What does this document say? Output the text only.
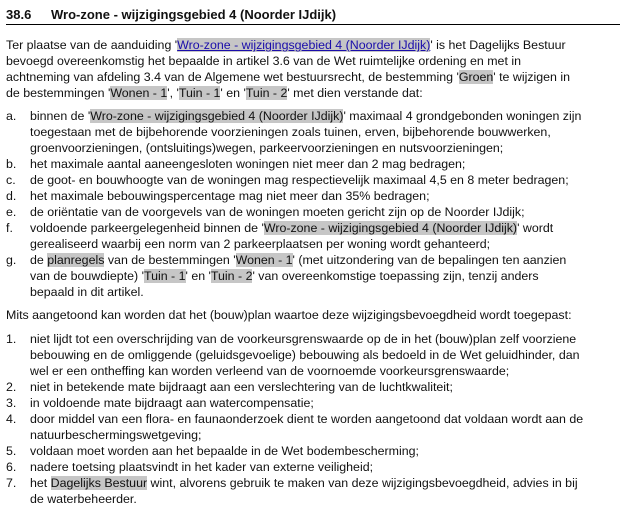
38.6 Wro-zone - wijzigingsgebied 4 (Noorder IJdijk)
Ter plaatse van de aanduiding 'Wro-zone - wijzigingsgebied 4 (Noorder IJdijk)' is het Dagelijks Bestuur
bevoegd overeenkomstig het bepaalde in artikel 3.6 van de Wet ruimtelijke ordening en met in
achtneming van afdeling 3.4 van de Algemene wet bestuursrecht, de bestemming 'Groen' te wijzigen in
de bestemmingen 'Wonen - 1', 'Tuin - 1' en 'Tuin - 2' met dien verstande dat:
a. binnen de 'Wro-zone - wijzigingsgebied 4 (Noorder IJdijk)' maximaal 4 grondgebonden woningen zijn
toegestaan met de bijbehorende voorzieningen zoals tuinen, erven, bijbehorende bouwwerken,
groenvoorzieningen, (ontsluitings)wegen, parkeervoorzieningen en nutsvoorzieningen;
b. het maximale aantal aaneengesloten woningen niet meer dan 2 mag bedragen;
c. de goot- en bouwhoogte van de woningen mag respectievelijk maximaal 4,5 en 8 meter bedragen;
d. het maximale bebouwingspercentage mag niet meer dan 35% bedragen;
e. de oriëntatie van de voorgevels van de woningen moeten gericht zijn op de Noorder IJdijk;
f. voldoende parkeergelegenheid binnen de 'Wro-zone - wijzigingsgebied 4 (Noorder IJdijk)' wordt
gerealiseerd waarbij een norm van 2 parkeerplaatsen per woning wordt gehanteerd;
g. de planregels van de bestemmingen 'Wonen - 1' (met uitzondering van de bepalingen ten aanzien
van de bouwdiepte) 'Tuin - 1' en 'Tuin - 2' van overeenkomstige toepassing zijn, tenzij anders
bepaald in dit artikel.
Mits aangetoond kan worden dat het (bouw)plan waartoe deze wijzigingsbevoegdheid wordt toegepast:
1. niet lijdt tot een overschrijding van de voorkeursgrenswaarde op de in het (bouw)plan zelf voorziene
bebouwing en de omliggende (geluidsgevoelige) bebouwing als bedoeld in de Wet geluidhinder, dan
wel er een ontheffing kan worden verleend van de voornoemde voorkeursgrenswaarde;
2. niet in betekende mate bijdraagt aan een verslechtering van de luchtkwaliteit;
3. in voldoende mate bijdraagt aan watercompensatie;
4. door middel van een flora- en faunaonderzoek dient te worden aangetoond dat voldaan wordt aan de
natuurbeschermingswetgeving;
5. voldaan moet worden aan het bepaalde in de Wet bodembescherming;
6. nadere toetsing plaatsvindt in het kader van externe veiligheid;
7. het Dagelijks Bestuur wint, alvorens gebruik te maken van deze wijzigingsbevoegdheid, advies in bij
de waterbeheerder.
